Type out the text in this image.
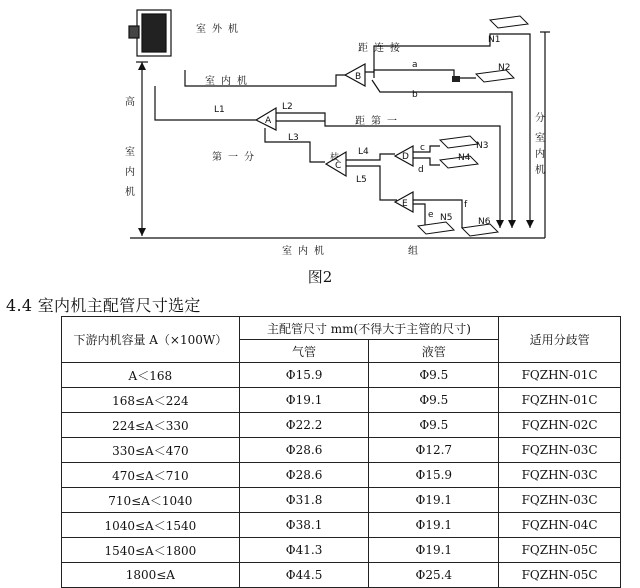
室外机
距连接
室内机
第一分
距第一
室内机	组
枝
高
室内机
分
室内机
A
B
C
D
E
L1	L2
L3
L4
L5
a
b
c
d
e
f
N1
N2
N3
N4
N5	N6
图2
4.4 室内机主配管尺寸选定
下游内机容量 A（×100W）	主配管尺寸 mm(不得大于主管的尺寸)		适用分歧管
	气管	液管	
A＜168	Φ15.9	Φ9.5	FQZHN-01C
168≤A＜224	Φ19.1	Φ9.5	FQZHN-01C
224≤A＜330	Φ22.2	Φ9.5	FQZHN-02C
330≤A＜470	Φ28.6	Φ12.7	FQZHN-03C
470≤A＜710	Φ28.6	Φ15.9	FQZHN-03C
710≤A＜1040	Φ31.8	Φ19.1	FQZHN-03C
1040≤A＜1540	Φ38.1	Φ19.1	FQZHN-04C
1540≤A＜1800	Φ41.3	Φ19.1	FQZHN-05C
1800≤A	Φ44.5	Φ25.4	FQZHN-05C
